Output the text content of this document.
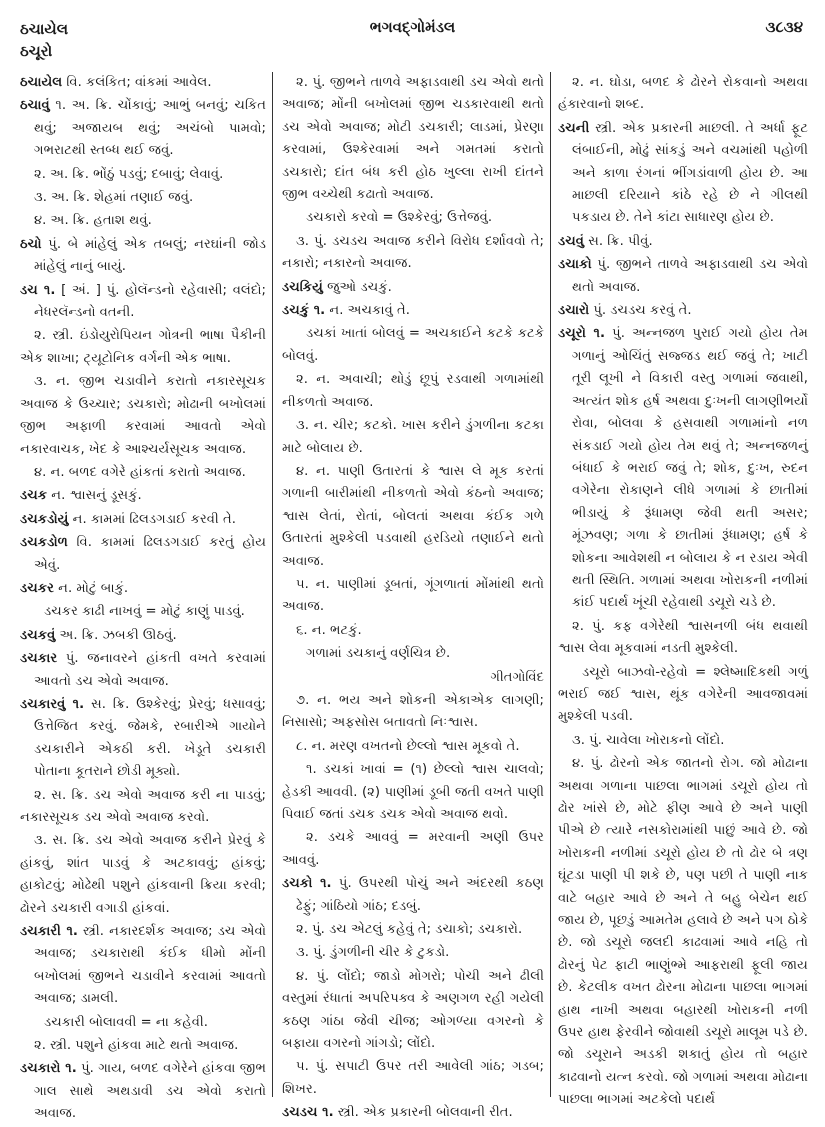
ઠચાયેલ
ઠચૂરો
ભગવદ્ગોમંડલ	૩૮૩૪

ઠચાયેલ વિ. કલંકિત; વાંકમાં આવેલ.

ઠચાવું ૧. અ. ક્રિ. ચોંકાવું; આભું બનવું; ચકિત થવું; અજાયબ થવું; અચંબો પામવો; ગભરાટથી સ્તબ્ધ થઈ જવું.

૨. અ. ક્રિ. ભોંઠું પડવું; દબાવું; લેવાવું.

૩. અ. ક્રિ. શેહમાં તણાઈ જવું.

૪. અ. ક્રિ. હતાશ થવું.

ઠચો પું. બે માંહેલું એક તબલું; નરઘાંની જોડ માંહેલું નાનું બાયું.

ડચ ૧. [ અં. ] પું. હોલૅન્ડનો રહેવાસી; વલંદો; નેધરલૅન્ડનો વતની.

૨. સ્ત્રી. ઇંડોયુરોપિયન ગોત્રની ભાષા પૈકીની એક શાખા; ટ્યૂટોનિક વર્ગની એક ભાષા.

૩. ન. જીભ ચડાવીને કરાતો નકારસૂચક અવાજ કે ઉચ્ચાર; ડચકારો; મોઢાની બખોલમાં જીભ અફાળી કરવામાં આવતો એવો નકારવાચક, ખેદ કે આશ્ચર્યસૂચક અવાજ.

૪. ન. બળદ વગેરે હાંકતાં કરાતો અવાજ.

ડચક ન. શ્વાસનું ડૂસકું.

ડચકડોયું ન. કામમાં ઢિલડગડાઈ કરવી તે.

ડચકડોળ વિ. કામમાં ઢિલડગડાઈ કરતું હોય એવું.

ડચકર ન. મોટું બાકું.

ડચકર કાઢી નાખવું = મોટું કાણું પાડવું.

ડચકવું અ. ક્રિ. ઝબકી ઊઠવું.

ડચકાર પું. જનાવરને હાંકતી વખતે કરવામાં આવતો ડચ એવો અવાજ.

ડચકારવું ૧. સ. ક્રિ. ઉશ્કેરવું; પ્રેરવું; ધસાવવું; ઉત્તેજિત કરવું. જેમકે, રબારીએ ગાયોને ડચકારીને એકઠી કરી. ખેડૂતે ડચકારી પોતાના કૂતરાને છોડી મૂક્યો.

૨. સ. ક્રિ. ડચ એવો અવાજ કરી ના પાડવું; નકારસૂચક ડચ એવો અવાજ કરવો.

૩. સ. ક્રિ. ડચ એવો અવાજ કરીને પ્રેરવું કે હાંકવું, શાંત પાડવું કે અટકાવવું; હાંકવું; હાકોટવું; મોઢેથી પશુને હાંકવાની ક્રિયા કરવી; ઢોરને ડચકારી વગાડી હાંકવાં.

ડચકારી ૧. સ્ત્રી. નકારદર્શક અવાજ; ડચ એવો અવાજ; ડચકારાથી કંઈક ધીમો મોંની બખોલમાં જીભને ચડાવીને કરવામાં આવતો અવાજ; ડામલી.

ડચકારી બોલાવવી = ના કહેવી.

૨. સ્ત્રી. પશુને હાંકવા માટે થતો અવાજ.

ડચકારો ૧. પું. ગાય, બળદ વગેરેને હાંકવા જીભ ગાલ સાથે અથડાવી ડચ એવો કરાતો અવાજ.

૨. પું. જીભને તાળવે અફાડવાથી ડચ એવો થતો અવાજ; મોંની બખોલમાં જીભ ચડકારવાથી થતો ડચ એવો અવાજ; મોટી ડચકારી; લાડમાં, પ્રેરણા કરવામાં, ઉશ્કેરવામાં અને ગમતમાં કરાતો ડચકારો; દાંત બંધ કરી હોઠ ખુલ્લા રાખી દાંતને જીભ વચ્ચેથી કઢાતો અવાજ.

ડચકારો કરવો = ઉશ્કેરવું; ઉત્તેજવું.

૩. પું. ડચડચ અવાજ કરીને વિરોધ દર્શાવવો તે; નકારો; નકારનો અવાજ.

ડચકિયું જુઓ ડચકું.

ડચકું ૧. ન. અચકાવું તે.

ડચકાં ખાતાં બોલવું = અચકાઈને કટકે કટકે બોલવું.

૨. ન. અવાચી; થોડું છૂપું રડવાથી ગળામાંથી નીકળતો અવાજ.

૩. ન. ચીર; કટકો. ખાસ કરીને ડુંગળીના કટકા માટે બોલાય છે.

૪. ન. પાણી ઉતારતાં કે શ્વાસ લે મૂક કરતાં ગળાની બારીમાંથી નીકળતો એવો કંઠનો અવાજ; શ્વાસ લેતાં, રોતાં, બોલતાં અથવા કંઈક ગળે ઉતારતાં મુશ્કેલી પડવાથી હરડિયો તણાઈને થતો અવાજ.

૫. ન. પાણીમાં ડૂબતાં, ગૂંગળાતાં મોંમાંથી થતો અવાજ.

૬. ન. ભટકું.

ગળામાં ડચકાનું વર્ણચિત્ર છે.

ગીતગોવિંદ

૭. ન. ભય અને શોકની એકાએક લાગણી; નિસાસો; અફસોસ બતાવતો નિઃશ્વાસ.

૮. ન. મરણ વખતનો છેલ્લો શ્વાસ મૂકવો તે.

૧. ડચકાં ખાવાં = (૧) છેલ્લો શ્વાસ ચાલવો; હેડકી આવવી. (૨) પાણીમાં ડૂબી જતી વખતે પાણી પિવાઈ જતાં ડચક ડચક એવો અવાજ થવો.

૨. ડચકે આવવું = મરવાની અણી ઉપર આવવું.

ડચકો ૧. પું. ઉપરથી પોચું અને અંદરથી કઠણ ઢેફું; ગાંઠિયો ગાંઠ; દડબું.

૨. પું. ડચ એટલું કહેવું તે; ડચાકો; ડચકારો.

૩. પું. ડુંગળીની ચીર કે ટુકડો.

૪. પું. લોંદો; જાડો મોગરો; પોચી અને ઢીલી વસ્તુમાં રંધાતાં અપરિપક્વ કે અણગળ રહી ગયેલી કઠણ ગાંઠા જેવી ચીજ; ઓગળ્યા વગરનો કે બફાયા વગરનો ગાંગડો; લોંદો.

૫. પું. સપાટી ઉપર તરી આવેલી ગાંઠ; ગડબ; શિખર.

ડચડચ ૧. સ્ત્રી. એક પ્રકારની બોલવાની રીત.

૨. ન. ઘોડા, બળદ કે ઢોરને રોકવાનો અથવા હંકારવાનો શબ્દ.

ડચની સ્ત્રી. એક પ્રકારની માછલી. તે અર્ધા ફૂટ લંબાઈની, મોઢું સાંકડું અને વચમાંથી પહોળી અને કાળા રંગનાં ભીંગડાંવાળી હોય છે. આ માછલી દરિયાને કાંઠે રહે છે ને ગીલથી પકડાય છે. તેને કાંટા સાધારણ હોય છે.

ડચવું સ. ક્રિ. પીવું.

ડચાકો પું. જીભને તાળવે અફાડવાથી ડચ એવો થતો અવાજ.

ડચારો પું. ડચડચ કરવું તે.

ડચૂરો ૧. પું. અન્નજળ પુરાઈ ગયો હોય તેમ ગળાનું ઓચિંતું સજ્જડ થઈ જવું તે; ખાટી તૂરી લૂખી ને વિકારી વસ્તુ ગળામાં જવાથી, અત્યંત શોક હર્ષ અથવા દુઃખની લાગણીભર્યો રોવા, બોલવા કે હસવાથી ગળામાંનો નળ સંકડાઈ ગયો હોય તેમ થવું તે; અન્નજળનું બંધાઈ કે ભરાઈ જવું તે; શોક, દુઃખ, રુદન વગેરેના રોકાણને લીધે ગળામાં કે છાતીમાં ભીડાયું કે રૂંધામણ જેવી થતી અસર; મૂંઝવણ; ગળા કે છાતીમાં રૂંધામણ; હર્ષ કે શોકના આવેશથી ન બોલાય કે ન રડાય એવી થતી સ્થિતિ. ગળામાં અથવા ખોરાકની નળીમાં કાંઈ પદાર્થ ખૂંચી રહેવાથી ડચૂરો ચડે છે.

૨. પું. કફ વગેરેથી શ્વાસનળી બંધ થવાથી શ્વાસ લેવા મૂકવામાં નડતી મુશ્કેલી.

ડચૂરો બાઝવો-રહેવો = શ્લેષ્માદિકથી ગળું ભરાઈ જઈ શ્વાસ, થૂંક વગેરેની આવજાવમાં મુશ્કેલી પડવી.

૩. પું. ચાવેલા ખોરાકનો લોંદો.

૪. પું. ઢોરનો એક જાતનો રોગ. જો મોઢાના અથવા ગળાના પાછલા ભાગમાં ડચૂરો હોય તો ઢોર ખાંસે છે, મોટે ફીણ આવે છે અને પાણી પીએ છે ત્યારે નસકોરામાંથી પાછું આવે છે. જો ખોરાકની નળીમાં ડચૂરો હોય છે તો ઢોર બે ત્રણ ઘૂંટડા પાણી પી શકે છે, પણ પછી તે પાણી નાક વાટે બહાર આવે છે અને તે બહુ બેચેન થઈ જાય છે, પૂછડું આમતેમ હલાવે છે અને પગ ઠોકે છે. જો ડચૂરો જલદી કાઢવામાં આવે નહિ તો ઢોરનું પેટ ફાટી ભાણુંભ્મે આફરાથી ફૂલી જાય છે. કેટલીક વખત ઢોરના મોઢાના પાછલા ભાગમાં હાથ નાખી અથવા બહારથી ખોરાકની નળી ઉપર હાથ ફેરવીને જોવાથી ડચૂરો માલૂમ પડે છે. જો ડચૂરાને અડકી શકાતું હોય તો બહાર કાઢવાનો યત્ન કરવો. જો ગળામાં અથવા મોઢાના પાછલા ભાગમાં અટકેલો પદાર્થ
